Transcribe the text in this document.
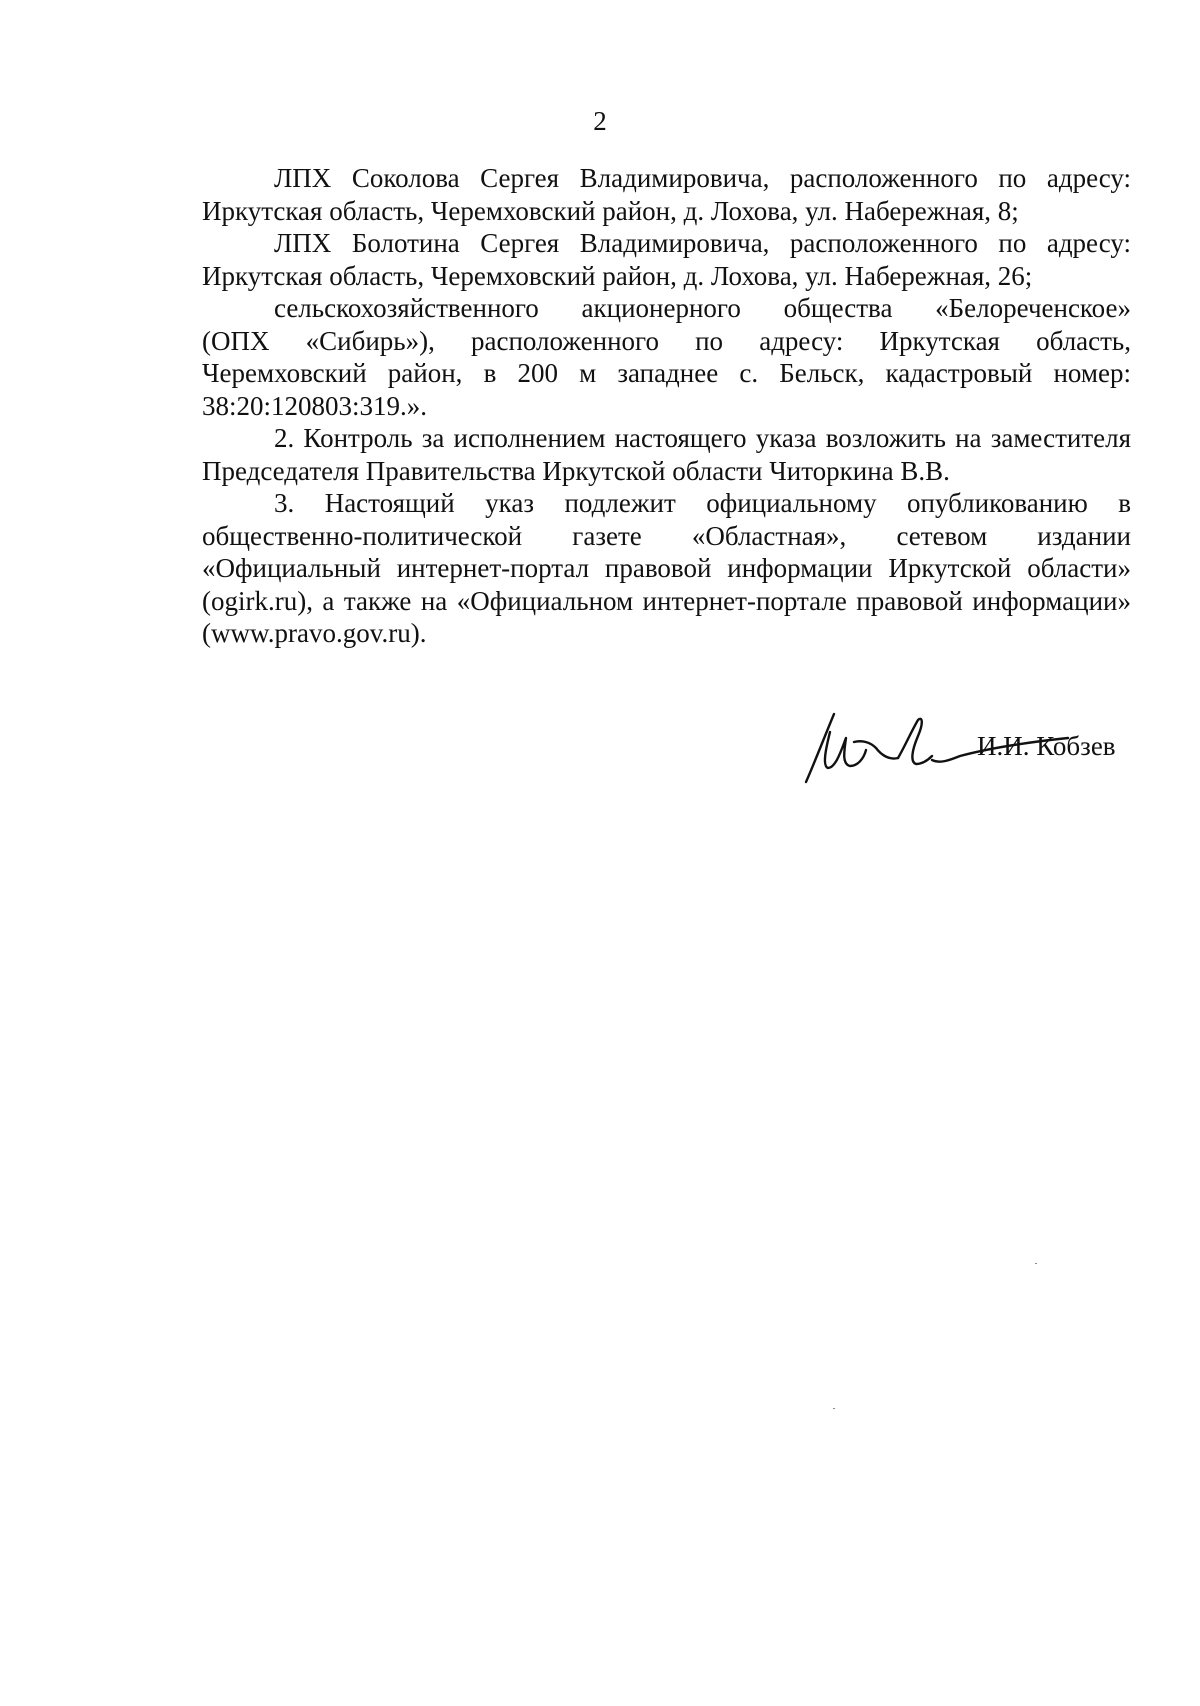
2

ЛПХ Соколова Сергея Владимировича, расположенного по адресу:
Иркутская область, Черемховский район, д. Лохова, ул. Набережная, 8;

ЛПХ Болотина Сергея Владимировича, расположенного по адресу:
Иркутская область, Черемховский район, д. Лохова, ул. Набережная, 26;

сельскохозяйственного акционерного общества «Белореченское»
(ОПХ «Сибирь»), расположенного по адресу: Иркутская область,
Черемховский район, в 200 м западнее с. Бельск, кадастровый номер:
38:20:120803:319.».

2. Контроль за исполнением настоящего указа возложить на заместителя
Председателя Правительства Иркутской области Читоркина В.В.

3. Настоящий указ подлежит официальному опубликованию в
общественно-политической газете «Областная», сетевом издании
«Официальный интернет-портал правовой информации Иркутской области»
(ogirk.ru), а также на «Официальном интернет-портале правовой информации»
(www.pravo.gov.ru).

И.И. Кобзев
